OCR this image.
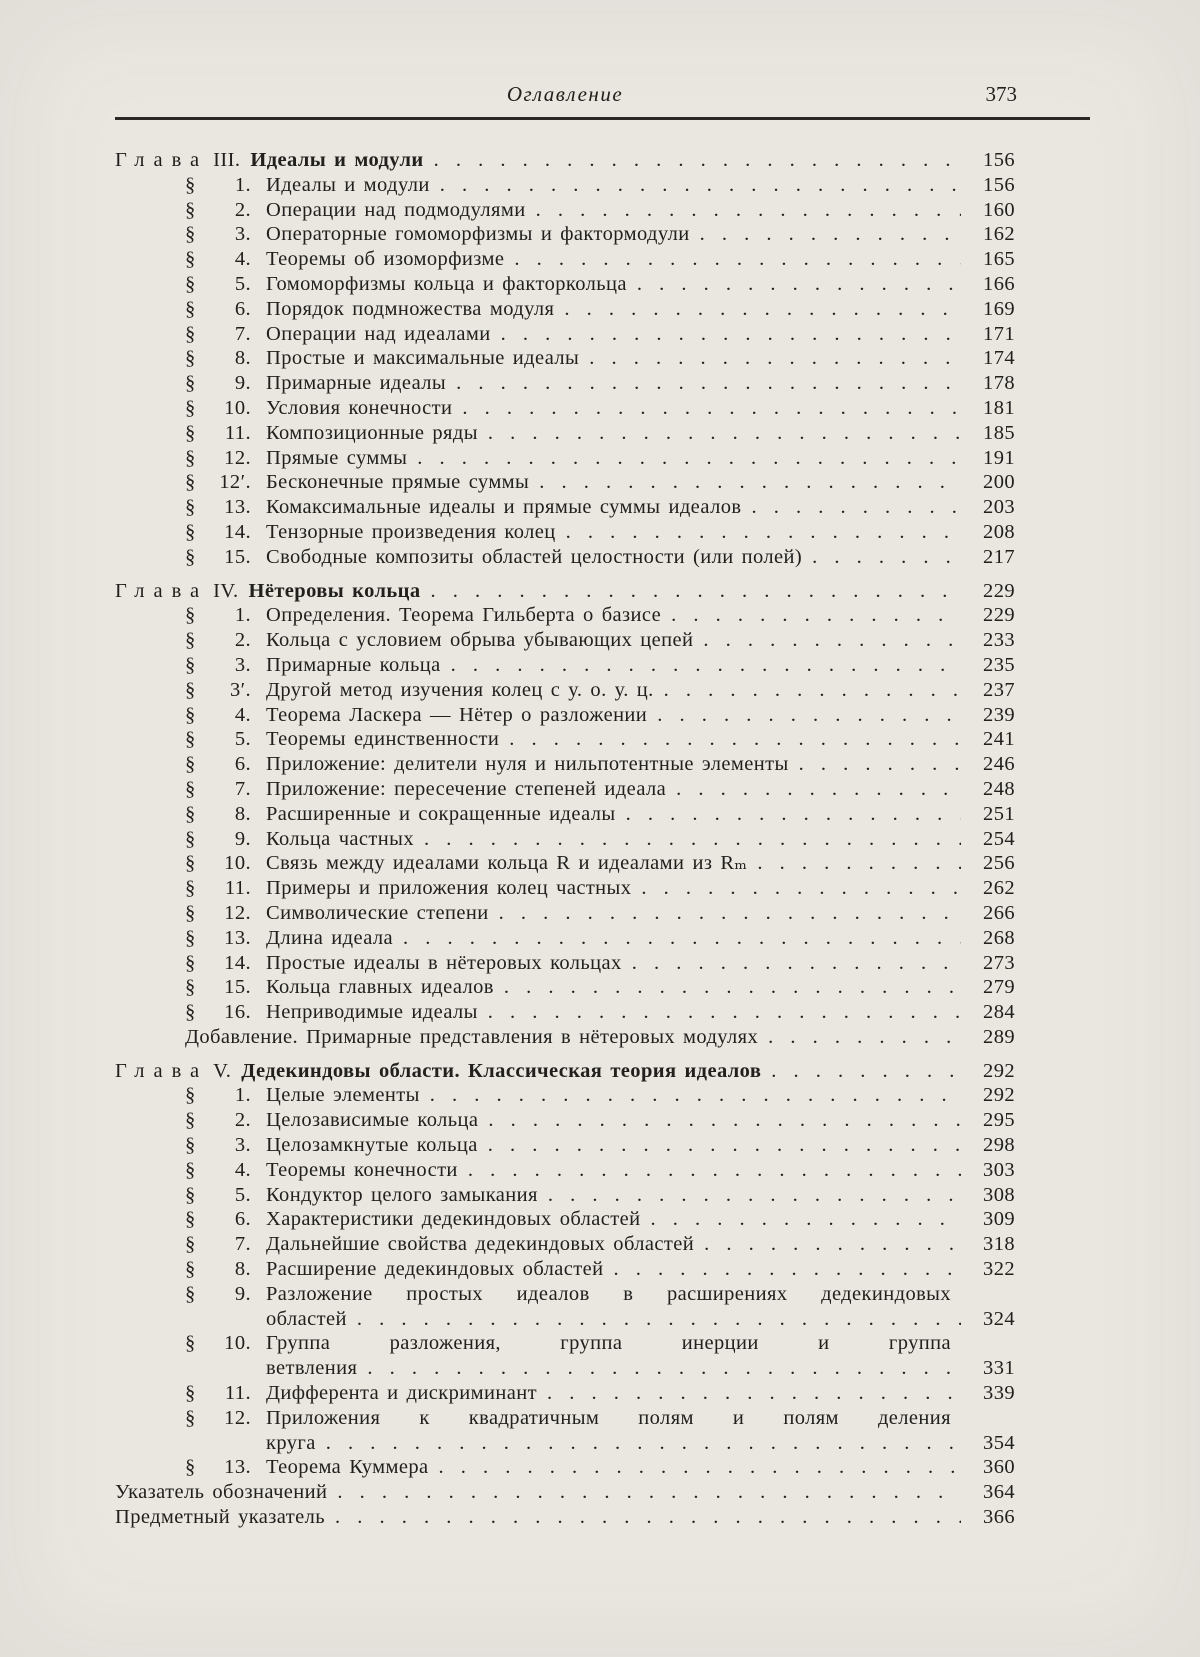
Оглавление	373
Глава III. Идеалы и модули . .	156
§	1. Идеалы и модули . .	156
§	2. Операции над подмодулями . .	160
§	3. Операторные гомоморфизмы и фактормодули . .	162
§	4. Теоремы об изоморфизме . .	165
§	5. Гомоморфизмы кольца и факторкольца . .	166
§	6. Порядок подмножества модуля . .	169
§	7. Операции над идеалами . .	171
§	8. Простые и максимальные идеалы . .	174
§	9. Примарные идеалы . .	178
§	10. Условия конечности . .	181
§	11. Композиционные ряды . .	185
§	12. Прямые суммы . .	191
§	12′. Бесконечные прямые суммы . .	200
§	13. Комаксимальные идеалы и прямые суммы идеалов . .	203
§	14. Тензорные произведения колец . .	208
§	15. Свободные композиты областей целостности (или полей) . .	217
Глава IV. Нётеровы кольца . .	229
§	1. Определения. Теорема Гильберта о базисе . .	229
§	2. Кольца с условием обрыва убывающих цепей . .	233
§	3. Примарные кольца . .	235
§	3′. Другой метод изучения колец с у. о. у. ц. . .	237
§	4. Теорема Ласкера — Нётер о разложении . .	239
§	5. Теоремы единственности . .	241
§	6. Приложение: делители нуля и нильпотентные элементы . .	246
§	7. Приложение: пересечение степеней идеала . .	248
§	8. Расширенные и сокращенные идеалы . .	251
§	9. Кольца частных . .	254
§	10. Связь между идеалами кольца R и идеалами из Rₘ . .	256
§	11. Примеры и приложения колец частных . .	262
§	12. Символические степени . .	266
§	13. Длина идеала . .	268
§	14. Простые идеалы в нётеровых кольцах . .	273
§	15. Кольца главных идеалов . .	279
§	16. Неприводимые идеалы . .	284
Добавление. Примарные представления в нётеровых модулях . .	289
Глава V. Дедекиндовы области. Классическая теория идеалов . .	292
§	1. Целые элементы . .	292
§	2. Целозависимые кольца . .	295
§	3. Целозамкнутые кольца . .	298
§	4. Теоремы конечности . .	303
§	5. Кондуктор целого замыкания . .	308
§	6. Характеристики дедекиндовых областей . .	309
§	7. Дальнейшие свойства дедекиндовых областей . .	318
§	8. Расширение дедекиндовых областей . .	322
§	9. Разложение простых идеалов в расширениях дедекиндовых
областей . .	324
§	10. Группа разложения, группа инерции и группа
ветвления . .	331
§	11. Дифферента и дискриминант . .	339
§	12. Приложения к квадратичным полям и полям деления
круга . .	354
§	13. Теорема Куммера . .	360
Указатель обозначений . .	364
Предметный указатель . .	366
